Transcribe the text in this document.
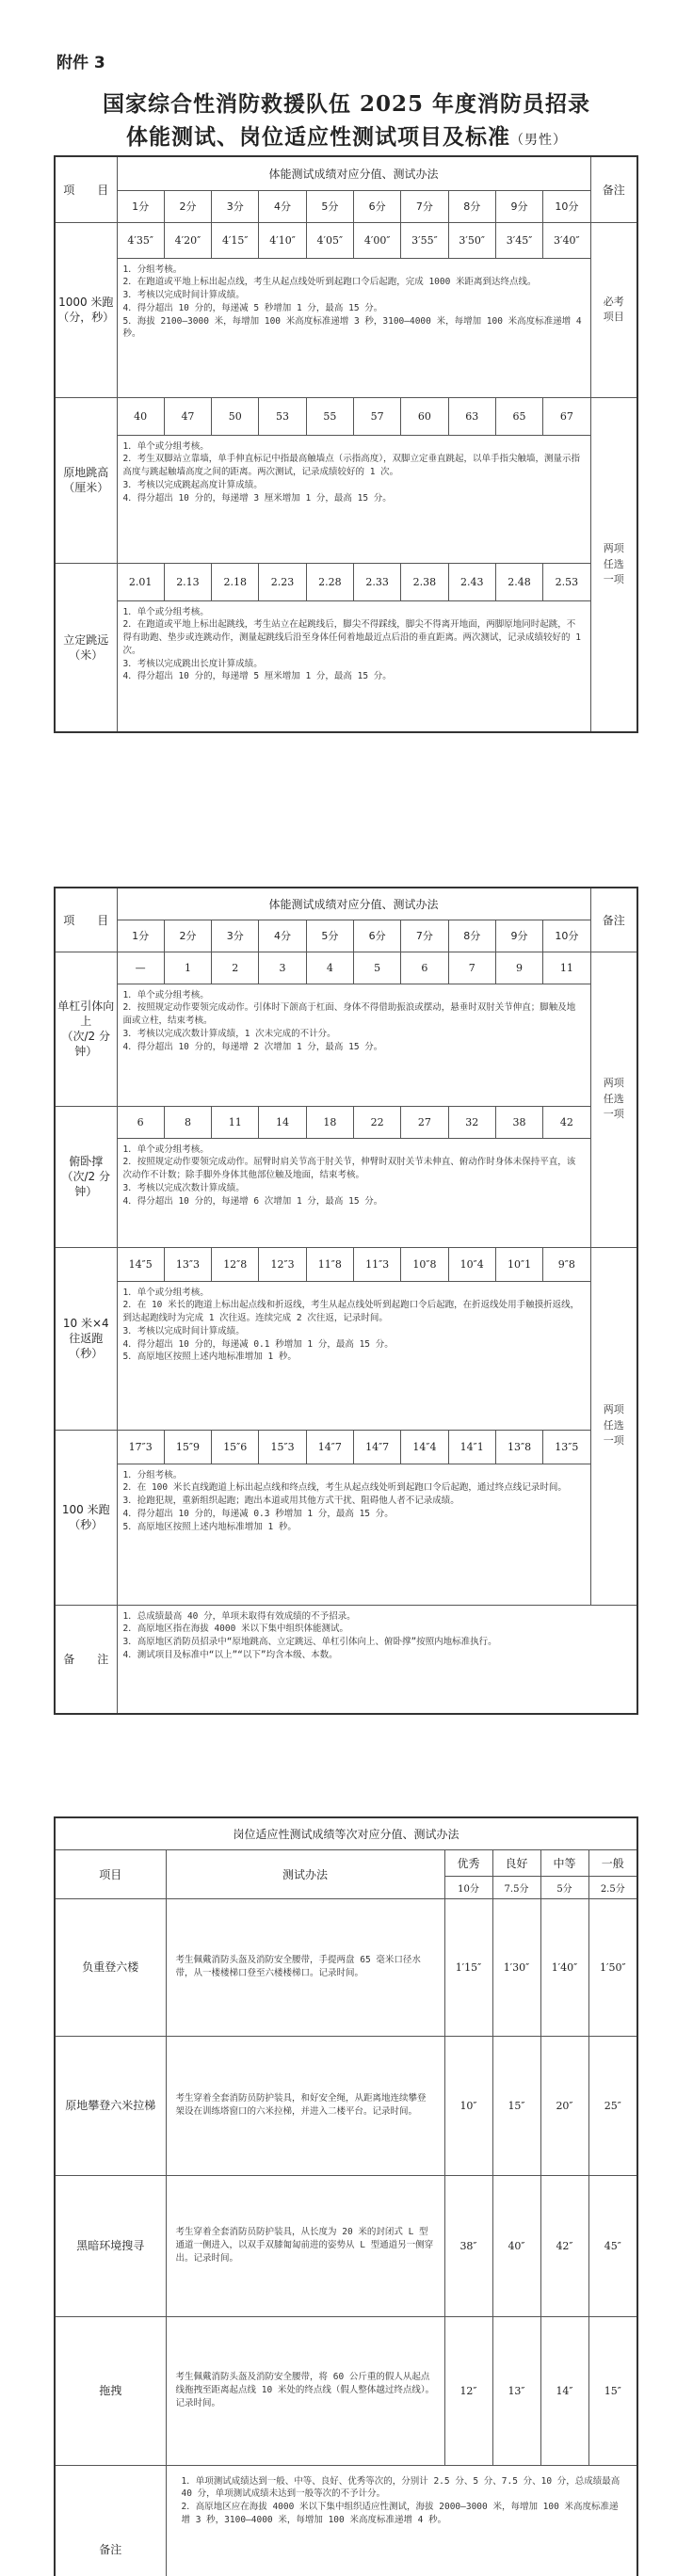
附件 3
国家综合性消防救援队伍 2025 年度消防员招录
体能测试、岗位适应性测试项目及标准（男性）
项　　目	体能测试成绩对应分值、测试办法										备注
	1分	2分	3分	4分	5分	6分	7分	8分	9分	10分	
1000 米跑
（分，秒）	4′35″	4′20″	4′15″	4′10″	4′05″	4′00″	3′55″	3′50″	3′45″	3′40″	必考
项目

	1．分组考核。
2．在跑道或平地上标出起点线，考生从起点线处听到起跑口令后起跑，完成 1000 米距离到达终点线。
3．考核以完成时间计算成绩。
4．得分超出 10 分的，每递减 5 秒增加 1 分，最高 15 分。
5．海拔 2100—3000 米，每增加 100 米高度标准递增 3 秒，3100—4000 米，每增加 100 米高度标准递增 4 秒。										

原地跳高
（厘米）	40	47	50	53	55	57	60	63	65	67	两项
任选
一项

	1．单个或分组考核。
2．考生双脚站立靠墙，单手伸直标记中指最高触墙点（示指高度），双脚立定垂直跳起，以单手指尖触墙，测量示指高度与跳起触墙高度之间的距离。两次测试，记录成绩较好的 1 次。
3．考核以完成跳起高度计算成绩。
4．得分超出 10 分的，每递增 3 厘米增加 1 分，最高 15 分。										

立定跳远
（米）	2.01	2.13	2.18	2.23	2.28	2.33	2.38	2.43	2.48	2.53	

	1．单个或分组考核。
2．在跑道或平地上标出起跳线，考生站立在起跳线后，脚尖不得踩线，脚尖不得离开地面，两脚原地同时起跳，不得有助跑、垫步或连跳动作，测量起跳线后沿至身体任何着地最近点后沿的垂直距离。两次测试，记录成绩较好的 1 次。
3．考核以完成跳出长度计算成绩。
4．得分超出 10 分的，每递增 5 厘米增加 1 分，最高 15 分。										
项　　目	体能测试成绩对应分值、测试办法										备注
	1分	2分	3分	4分	5分	6分	7分	8分	9分	10分	
单杠引体向上
（次/2 分钟）	—	1	2	3	4	5	6	7	9	11	两项
任选
一项

	1．单个或分组考核。
2．按照规定动作要领完成动作。引体时下颌高于杠面、身体不得借助振浪或摆动，悬垂时双肘关节伸直；脚触及地面或立柱，结束考核。
3．考核以完成次数计算成绩，1 次未完成的不计分。
4．得分超出 10 分的，每递增 2 次增加 1 分，最高 15 分。										

俯卧撑
（次/2 分钟）	6	8	11	14	18	22	27	32	38	42	

	1．单个或分组考核。
2．按照规定动作要领完成动作。屈臂时肩关节高于肘关节，伸臂时双肘关节未伸直、俯动作时身体未保持平直，该次动作不计数；除手脚外身体其他部位触及地面，结束考核。
3．考核以完成次数计算成绩。
4．得分超出 10 分的，每递增 6 次增加 1 分，最高 15 分。										

10 米×4
往返跑
（秒）	14″5	13″3	12″8	12″3	11″8	11″3	10″8	10″4	10″1	9″8	两项
任选
一项

	1．单个或分组考核。
2．在 10 米长的跑道上标出起点线和折返线，考生从起点线处听到起跑口令后起跑，在折返线处用手触摸折返线，到达起跑线时为完成 1 次往返。连续完成 2 次往返，记录时间。
3．考核以完成时间计算成绩。
4．得分超出 10 分的，每递减 0.1 秒增加 1 分，最高 15 分。
5．高原地区按照上述内地标准增加 1 秒。										

100 米跑（秒）	17″3	15″9	15″6	15″3	14″7	14″7	14″4	14″1	13″8	13″5	

	1．分组考核。
2．在 100 米长直线跑道上标出起点线和终点线，考生从起点线处听到起跑口令后起跑，通过终点线记录时间。
3．抢跑犯规，重新组织起跑；跑出本道或用其他方式干扰、阻碍他人者不记录成绩。
4．得分超出 10 分的，每递减 0.3 秒增加 1 分，最高 15 分。
5．高原地区按照上述内地标准增加 1 秒。										

备　　注	1．总成绩最高 40 分，单项未取得有效成绩的不予招录。
2．高原地区指在海拔 4000 米以下集中组织体能测试。
3．高原地区消防员招录中“原地跳高、立定跳远、单杠引体向上、俯卧撑”按照内地标准执行。
4．测试项目及标准中“以上”“以下”均含本级、本数。										
岗位适应性测试成绩等次对应分值、测试办法					
项目	测试办法	优秀	良好	中等	一般
		10分	7.5分	5分	2.5分
负重登六楼	考生佩戴消防头盔及消防安全腰带，手提两盘 65 毫米口径水带，从一楼楼梯口登至六楼楼梯口。记录时间。	1′15″	1′30″	1′40″	1′50″
原地攀登六米拉梯	考生穿着全套消防员防护装具，和好安全绳，从距离地连续攀登架设在训练塔窗口的六米拉梯，并进入二楼平台。记录时间。	10″	15″	20″	25″
黑暗环境搜寻	考生穿着全套消防员防护装具，从长度为 20 米的封闭式 L 型通道一侧进入，以双手双膝匍匐前进的姿势从 L 型通道另一侧穿出。记录时间。	38″	40″	42″	45″
拖拽	考生佩戴消防头盔及消防安全腰带，将 60 公斤重的假人从起点线拖拽至距离起点线 10 米处的终点线（假人整体越过终点线）。记录时间。	12″	13″	14″	15″
备注	1．单项测试成绩达到一般、中等、良好、优秀等次的，分别计 2.5 分、5 分、7.5 分、10 分，总成绩最高 40 分，单项测试成绩未达到一般等次的不予计分。
2．高原地区应在海拔 4000 米以下集中组织适应性测试，海拔 2000—3000 米，每增加 100 米高度标准递增 3 秒，3100—4000 米，每增加 100 米高度标准递增 4 秒。				
